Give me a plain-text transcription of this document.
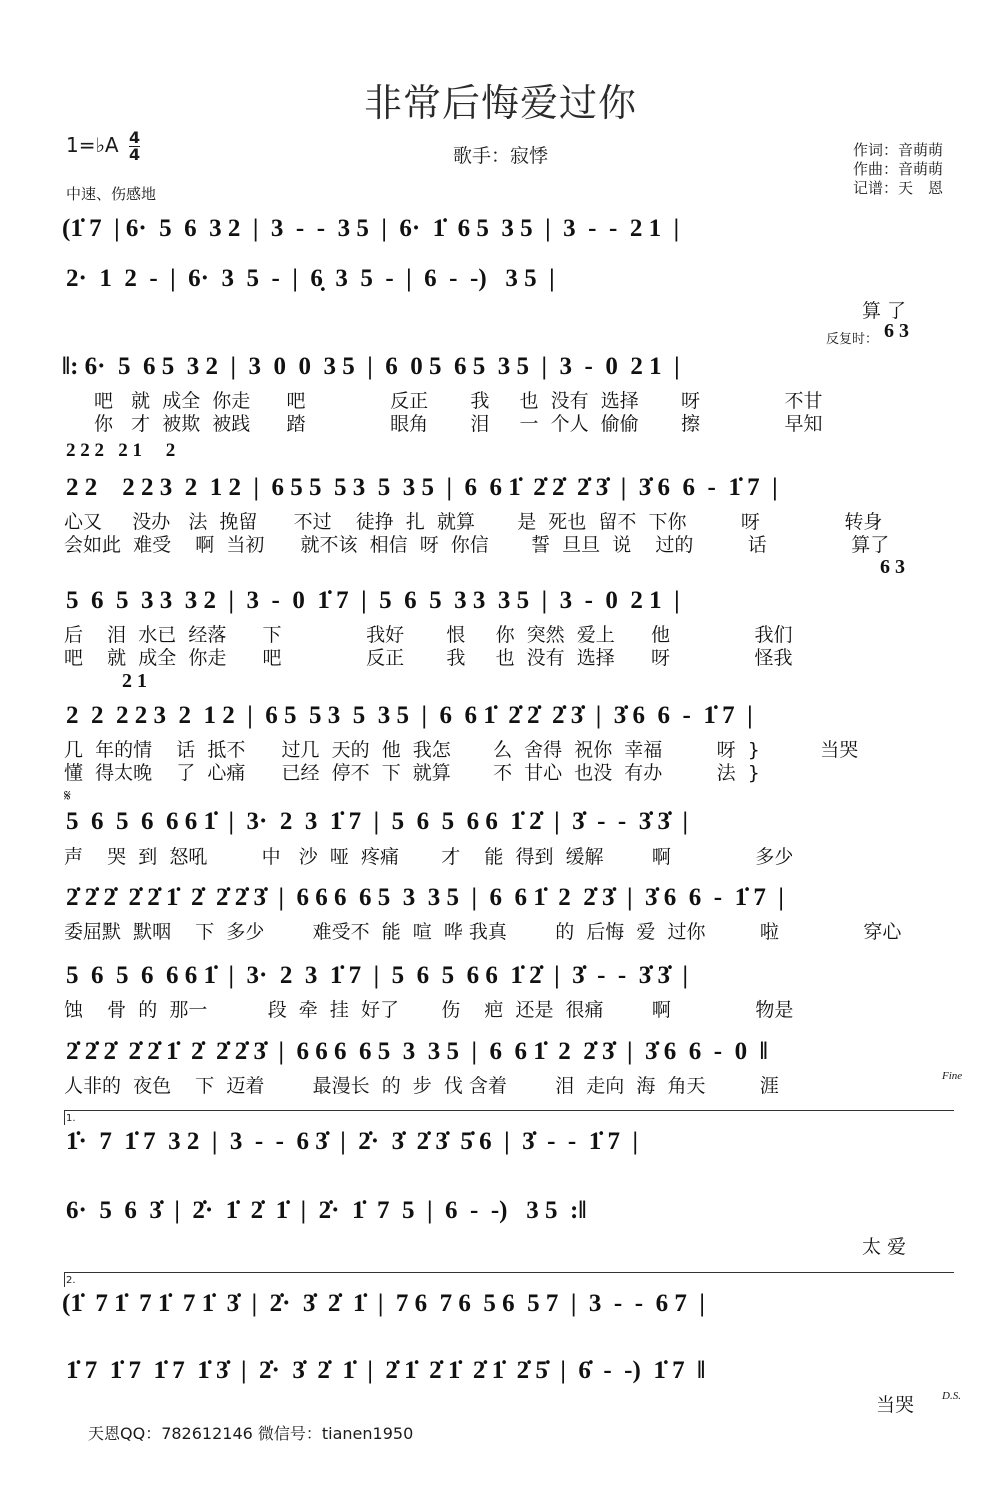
非常后悔爱过你
1=♭A $\frac{4}{4}$
中速、伤感地
歌手：寂悸	作词：音萌萌
作曲：音萌萌
记谱：天　恩
(1̇ 7  | 6·  5  6  3 2  |  3  -  -  3 5  |  6·  1̇  6 5  3 5  |  3  -  -  2 1  |
2·  1  2  -  |  6·  3  5  -  |  6̣  3  5  -  |  6  -  -)   3 5  |
算 了
反复时： 6 3
‖: 6·  5  6 5  3 2  |  3  0  0  3 5  |  6  0 5  6 5  3 5  |  3  -  0  2 1  |
吧   就  成全  你走      吧              反正       我     也  没有  选择       呀              不甘
你   才  被欺  被践      踏              眼角       泪     一  个人  偷偷       擦              早知
2 2 2   2 1     2
2 2    2 2 3  2  1 2  |  6 5 5  5 3  5  3 5  |  6  6 1̇  2̇ 2̇  2̇ 3̇  |  3̇ 6  6  -  1̇ 7  |
心又     没办   法  挽留      不过    徒挣  扎  就算       是  死也  留不  下你         呀              转身
会如此  难受    啊  当初      就不该  相信  呀  你信       誓  旦旦  说    过的         话              算了
6 3
5  6  5  3 3  3 2  |  3  -  0  1̇ 7  |  5  6  5  3 3  3 5  |  3  -  0  2 1  |
后    泪  水已  经落      下              我好       恨     你  突然  爱上      他              我们
吧    就  成全  你走      吧              反正       我     也  没有  选择      呀              怪我
2 1
2  2  2 2 3  2  1 2  |  6 5  5 3  5  3 5  |  6  6 1̇  2̇ 2̇  2̇ 3̇  |  3̇ 6  6  -  1̇ 7  |
几  年的情    话  抵不      过几  天的  他  我怎       么  舍得  祝你  幸福         呀  }          当哭
懂  得太晚    了  心痛      已经  停不  下  就算       不  甘心  也没  有办         法  }
𝄋
5  6  5  6  6 6 1̇  |  3·  2  3  1̇ 7  |  5  6  5  6 6  1̇ 2̇  |  3̇  -  -  3̇ 3̇  |
声    哭  到  怒吼         中   沙  哑  疼痛       才    能  得到  缓解        啊              多少
2̇ 2̇ 2̇  2̇ 2̇ 1̇  2̇  2̇ 2̇ 3̇  |  6 6 6  6 5  3  3 5  |  6  6 1̇  2  2̇ 3̇  |  3̇ 6  6  -  1̇ 7  |
委屈默  默咽    下  多少        难受不  能  喧  哗 我真        的  后悔  爱  过你         啦              穿心
5  6  5  6  6 6 1̇  |  3·  2  3  1̇ 7  |  5  6  5  6 6  1̇ 2̇  |  3̇  -  -  3̇ 3̇  |
蚀    骨  的  那一          段  牵  挂  好了       伤    疤  还是  很痛        啊              物是
2̇ 2̇ 2̇  2̇ 2̇ 1̇  2̇  2̇ 2̇ 3̇  |  6 6 6  6 5  3  3 5  |  6  6 1̇  2  2̇ 3̇  |  3̇ 6  6  -  0  ‖
人非的  夜色    下  迈着        最漫长  的  步  伐 含着        泪  走向  海  角天         涯	Fine
1.
1̇·  7  1̇ 7  3 2  |  3  -  -  6 3̇  |  2̇·  3̇  2̇ 3̇  5̇ 6  |  3̇  -  -  1̇ 7  |
6·  5  6  3̇  |  2̇·  1̇  2̇  1̇  |  2̇·  1̇  7  5  |  6  -  -)   3 5  :‖
太 爱
2.
(1̇  7 1̇  7 1̇  7 1̇  3̇  |  2̇·  3̇  2̇  1̇  |  7 6  7 6  5 6  5 7  |  3  -  -  6 7  |
1̇ 7  1̇ 7  1̇ 7  1̇ 3̇  |  2̇·  3̇  2̇  1̇  |  2̇ 1̇  2̇ 1̇  2̇ 1̇  2̇ 5̇  |  6̇  -  -)  1̇ 7  ‖
当哭	D.S.
天恩QQ：782612146 微信号：tianen1950
